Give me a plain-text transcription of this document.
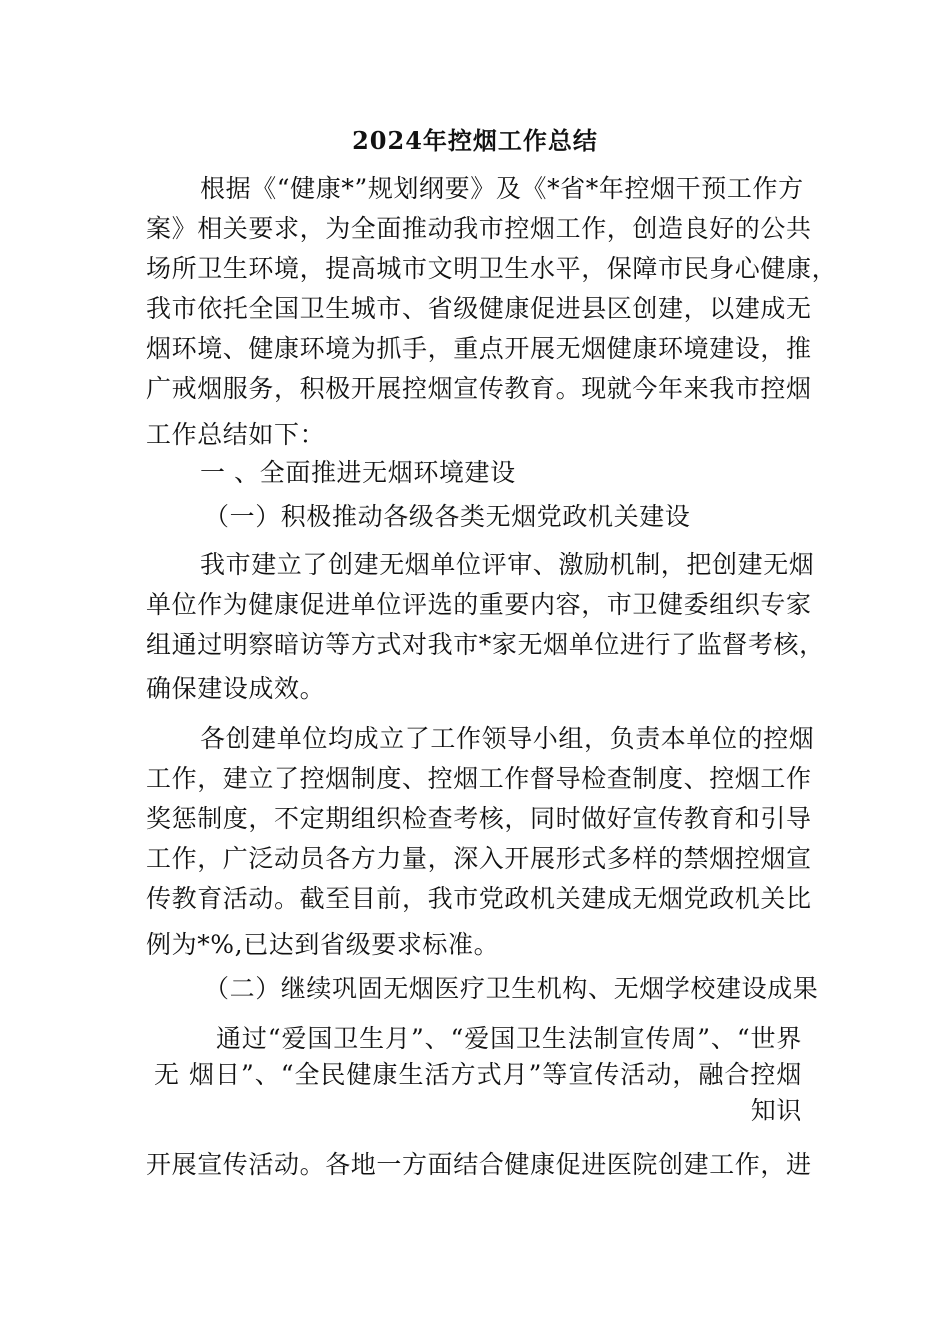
2024年控烟工作总结
根据《“健康*”规划纲要》及《*省*年控烟干预工作方
案》相关要求，为全面推动我市控烟工作，创造良好的公共
场所卫生环境，提高城市文明卫生水平，保障市民身心健康，
我市依托全国卫生城市、省级健康促进县区创建，以建成无
烟环境、健康环境为抓手，重点开展无烟健康环境建设，推
广戒烟服务，积极开展控烟宣传教育。现就今年来我市控烟
工作总结如下：
一 、全面推进无烟环境建设
（一）积极推动各级各类无烟党政机关建设
我市建立了创建无烟单位评审、激励机制，把创建无烟
单位作为健康促进单位评选的重要内容，市卫健委组织专家
组通过明察暗访等方式对我市*家无烟单位进行了监督考核，
确保建设成效。
各创建单位均成立了工作领导小组，负责本单位的控烟
工作，建立了控烟制度、控烟工作督导检查制度、控烟工作
奖惩制度，不定期组织检查考核，同时做好宣传教育和引导
工作，广泛动员各方力量，深入开展形式多样的禁烟控烟宣
传教育活动。截至目前，我市党政机关建成无烟党政机关比
例为*%,已达到省级要求标准。
（二）继续巩固无烟医疗卫生机构、无烟学校建设成果
通过“爱国卫生月”、“爱国卫生法制宣传周”、“世界
无 烟日”、“全民健康生活方式月”等宣传活动，融合控烟
知识
开展宣传活动。各地一方面结合健康促进医院创建工作，进
